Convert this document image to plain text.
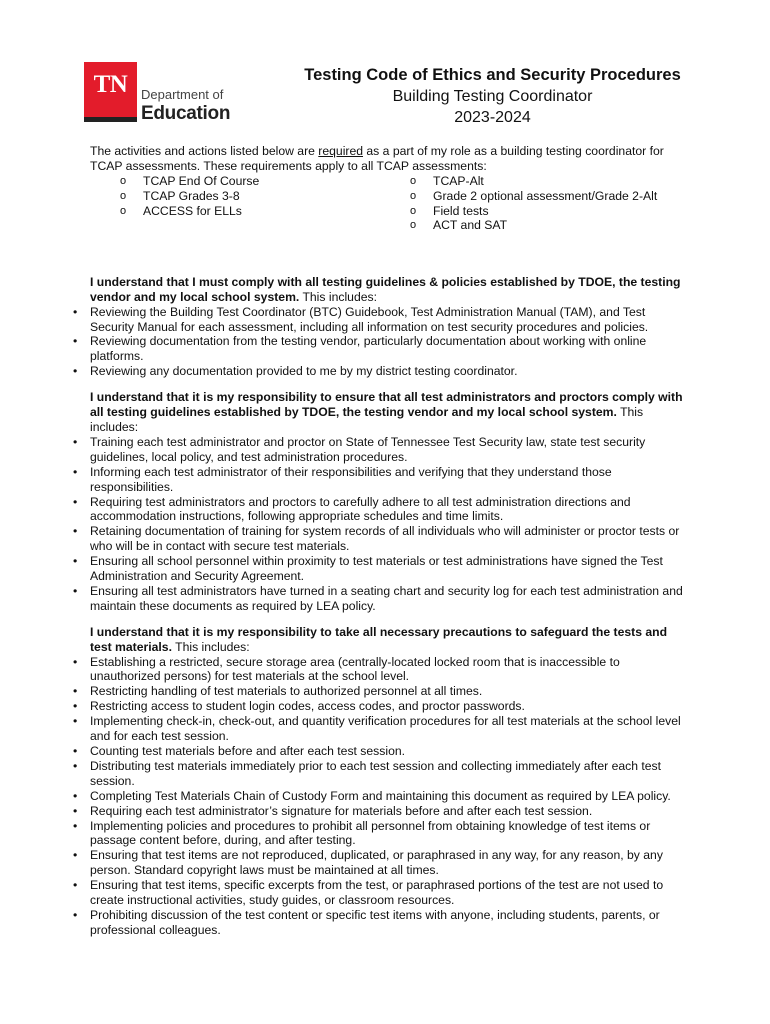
TN	Department of
Education
Testing Code of Ethics and Security Procedures
Building Testing Coordinator
2023-2024

The activities and actions listed below are required as a part of my role as a building testing coordinator for TCAP assessments. These requirements apply to all TCAP assessments:

o TCAP End Of Course
o TCAP Grades 3-8
o ACCESS for ELLs
o TCAP-Alt
o Grade 2 optional assessment/Grade 2-Alt
o Field tests
o ACT and SAT

I understand that I must comply with all testing guidelines & policies established by TDOE, the testing vendor and my local school system. This includes:

• Reviewing the Building Test Coordinator (BTC) Guidebook, Test Administration Manual (TAM), and Test Security Manual for each assessment, including all information on test security procedures and policies.
• Reviewing documentation from the testing vendor, particularly documentation about working with online platforms.
• Reviewing any documentation provided to me by my district testing coordinator.

I understand that it is my responsibility to ensure that all test administrators and proctors comply with all testing guidelines established by TDOE, the testing vendor and my local school system. This includes:

• Training each test administrator and proctor on State of Tennessee Test Security law, state test security guidelines, local policy, and test administration procedures.
• Informing each test administrator of their responsibilities and verifying that they understand those responsibilities.
• Requiring test administrators and proctors to carefully adhere to all test administration directions and accommodation instructions, following appropriate schedules and time limits.
• Retaining documentation of training for system records of all individuals who will administer or proctor tests or who will be in contact with secure test materials.
• Ensuring all school personnel within proximity to test materials or test administrations have signed the Test Administration and Security Agreement.
• Ensuring all test administrators have turned in a seating chart and security log for each test administration and maintain these documents as required by LEA policy.

I understand that it is my responsibility to take all necessary precautions to safeguard the tests and test materials. This includes:

• Establishing a restricted, secure storage area (centrally-located locked room that is inaccessible to unauthorized persons) for test materials at the school level.
• Restricting handling of test materials to authorized personnel at all times.
• Restricting access to student login codes, access codes, and proctor passwords.
• Implementing check-in, check-out, and quantity verification procedures for all test materials at the school level and for each test session.
• Counting test materials before and after each test session.
• Distributing test materials immediately prior to each test session and collecting immediately after each test session.
• Completing Test Materials Chain of Custody Form and maintaining this document as required by LEA policy.
• Requiring each test administrator’s signature for materials before and after each test session.
• Implementing policies and procedures to prohibit all personnel from obtaining knowledge of test items or passage content before, during, and after testing.
• Ensuring that test items are not reproduced, duplicated, or paraphrased in any way, for any reason, by any person. Standard copyright laws must be maintained at all times.
• Ensuring that test items, specific excerpts from the test, or paraphrased portions of the test are not used to create instructional activities, study guides, or classroom resources.
• Prohibiting discussion of the test content or specific test items with anyone, including students, parents, or professional colleagues.
